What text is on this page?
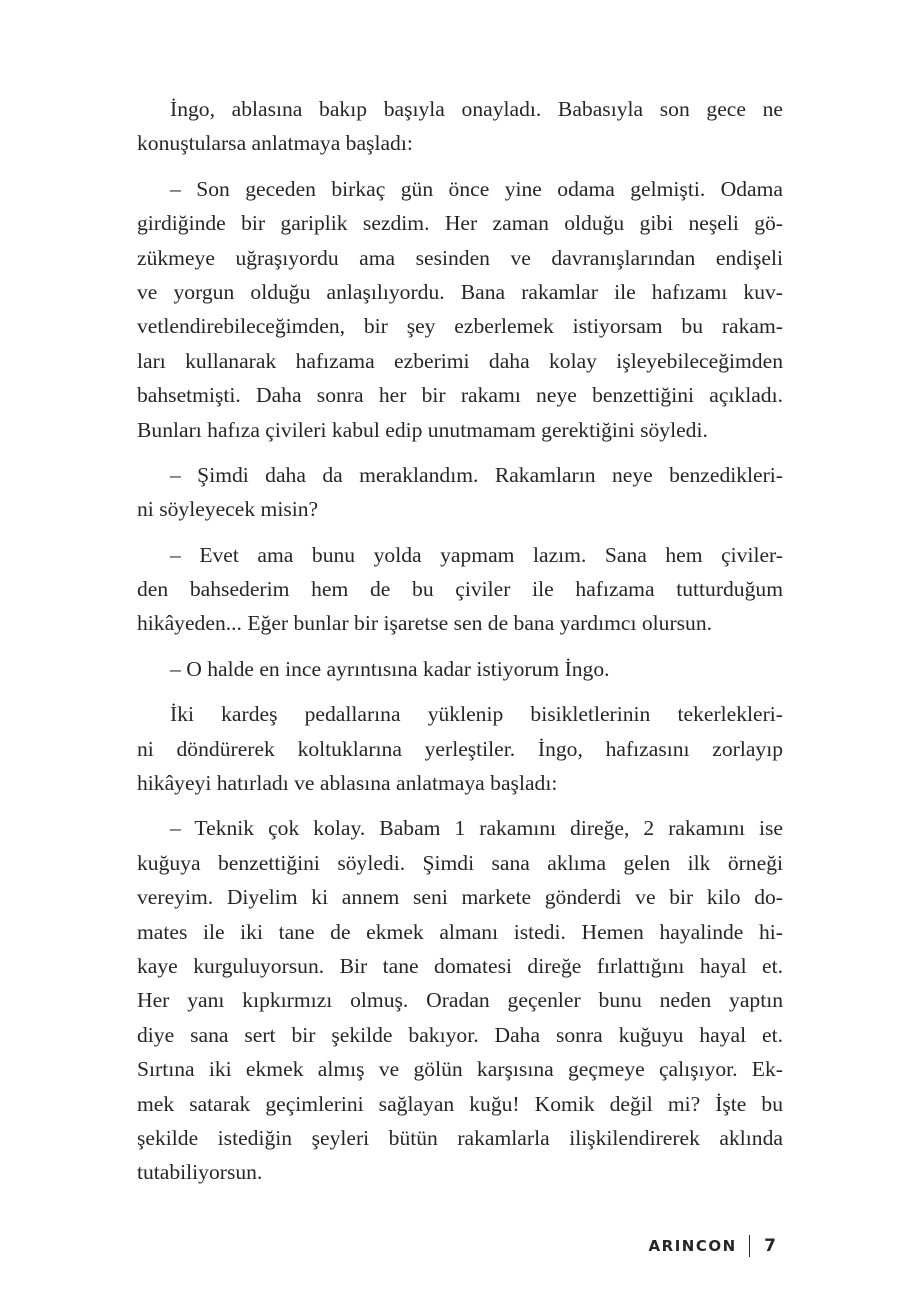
İngo, ablasına bakıp başıyla onayladı. Babasıyla son gece ne
konuştularsa anlatmaya başladı:
– Son geceden birkaç gün önce yine odama gelmişti. Odama
girdiğinde bir gariplik sezdim. Her zaman olduğu gibi neşeli gö-
zükmeye uğraşıyordu ama sesinden ve davranışlarından endişeli
ve yorgun olduğu anlaşılıyordu. Bana rakamlar ile hafızamı kuv-
vetlendirebileceğimden, bir şey ezberlemek istiyorsam bu rakam-
ları kullanarak hafızama ezberimi daha kolay işleyebileceğimden
bahsetmişti. Daha sonra her bir rakamı neye benzettiğini açıkladı.
Bunları hafıza çivileri kabul edip unutmamam gerektiğini söyledi.
– Şimdi daha da meraklandım. Rakamların neye benzedikleri-
ni söyleyecek misin?
– Evet ama bunu yolda yapmam lazım. Sana hem çiviler-
den bahsederim hem de bu çiviler ile hafızama tutturduğum
hikâyeden... Eğer bunlar bir işaretse sen de bana yardımcı olursun.
– O halde en ince ayrıntısına kadar istiyorum İngo.
İki kardeş pedallarına yüklenip bisikletlerinin tekerlekleri-
ni döndürerek koltuklarına yerleştiler. İngo, hafızasını zorlayıp
hikâyeyi hatırladı ve ablasına anlatmaya başladı:
– Teknik çok kolay. Babam 1 rakamını direğe, 2 rakamını ise
kuğuya benzettiğini söyledi. Şimdi sana aklıma gelen ilk örneği
vereyim. Diyelim ki annem seni markete gönderdi ve bir kilo do-
mates ile iki tane de ekmek almanı istedi. Hemen hayalinde hi-
kaye kurguluyorsun. Bir tane domatesi direğe fırlattığını hayal et.
Her yanı kıpkırmızı olmuş. Oradan geçenler bunu neden yaptın
diye sana sert bir şekilde bakıyor. Daha sonra kuğuyu hayal et.
Sırtına iki ekmek almış ve gölün karşısına geçmeye çalışıyor. Ek-
mek satarak geçimlerini sağlayan kuğu! Komik değil mi? İşte bu
şekilde istediğin şeyleri bütün rakamlarla ilişkilendirerek aklında
tutabiliyorsun.
ARINCON 7
